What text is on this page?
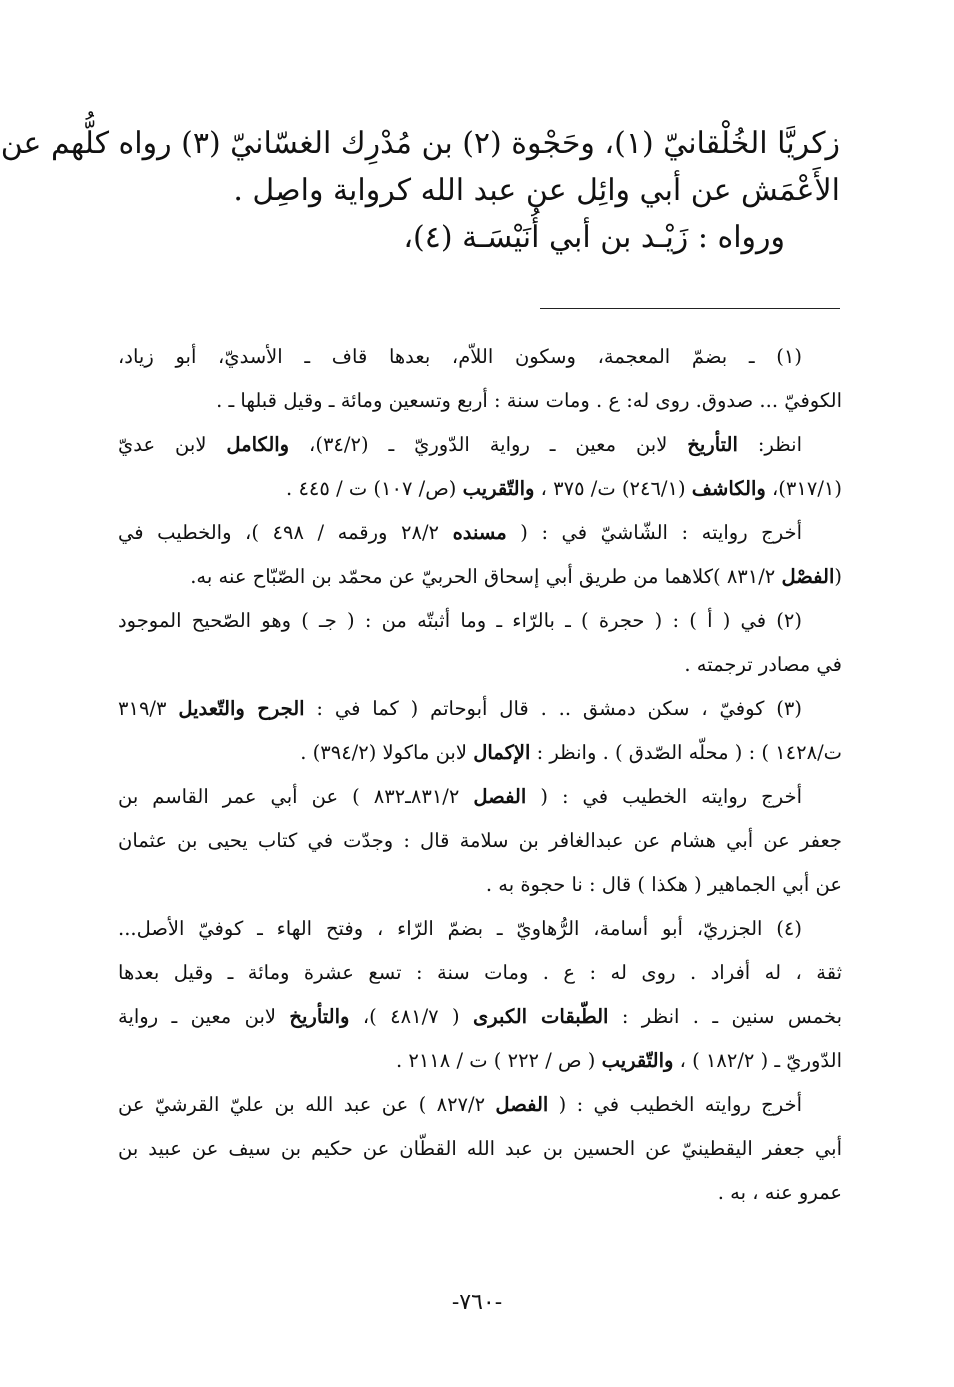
زكريَّا الخُلْقانيّ (١)، وحَجْوة (٢) بن مُدْرِك الغسّانيّ (٣) رواه كلُّهم عن
الأَعْمَش عن أبي وائِل عن عبد الله كرواية واصِل .
ورواه : زَيْـد بن أبي أُنَيْسَـة (٤)،
(١) ـ بضمّ المعجمة، وسكون اللاّم، بعدها قاف ـ الأسديّ، أبو زياد،
الكوفيّ ... صدوق. روى له: ع . ومات سنة : أربع وتسعين ومائة ـ وقيل قبلها ـ .
انظر: التأريخ لابن معين ـ رواية الدّوريّ ـ (٣٤/٢)، والكامل لابن عديّ
(٣١٧/١)، والكاشف (٢٤٦/١) ت/ ٣٧٥ ، والتّقريب (ص/ ١٠٧) ت / ٤٤٥ .
أخرج روايته : الشّاشيّ في : ( مسنده ٢٨/٢ ورقمه / ٤٩٨ )، والخطيب في
(الفصْل ٨٣١/٢ )كلاهما من طريق أبي إسحاق الحربيّ عن محمّد بن الصّبّاح عنه به.
(٢) في ( أ ) : ( حجرة ) ـ بالرّاء ـ وما أثبتّه من : ( جـ ) وهو الصّحيح الموجود
في مصادر ترجمته .
(٣) كوفيّ ، سكن دمشق .. . قال أبوحاتم ( كما في : الجرح والتّعديل ٣١٩/٣
ت/١٤٢٨ ) : ( محلّه الصّدق ) . وانظر : الإكمال لابن ماكولا (٣٩٤/٢) .
أخرج روايته الخطيب في : ( الفصل ٨٣١/٢ـ٨٣٢ ) عن أبي عمر القاسم بن
جعفر عن أبي هشام عن عبدالغافر بن سلامة قال : وجدّت في كتاب يحيى بن عثمان
عن أبي الجماهير ( هكذا ) قال : نا حجوة به .
(٤) الجزريّ، أبو أسامة، الرُّهاويّ ـ بضمّ الرّاء ، وفتح الهاء ـ كوفيّ الأصل...
ثقة ، له أفراد . روى له : ع . ومات سنة : تسع عشرة ومائة ـ وقيل بعدها
بخمس سنين ـ . انظر : الطّبقات الكبرى ( ٤٨١/٧ )، والتأريخ لابن معين ـ رواية
الدّوريّ ـ ( ١٨٢/٢ ) ، والتّقريب ( ص / ٢٢٢ ) ت / ٢١١٨ .
أخرج روايته الخطيب في : ( الفصل ٨٢٧/٢ ) عن عبد الله بن عليّ القرشيّ عن
أبي جعفر اليقطينيّ عن الحسين بن عبد الله القطّان عن حكيم بن سيف عن عبيد بن
عمرو عنه ، به .
-٧٦٠-
